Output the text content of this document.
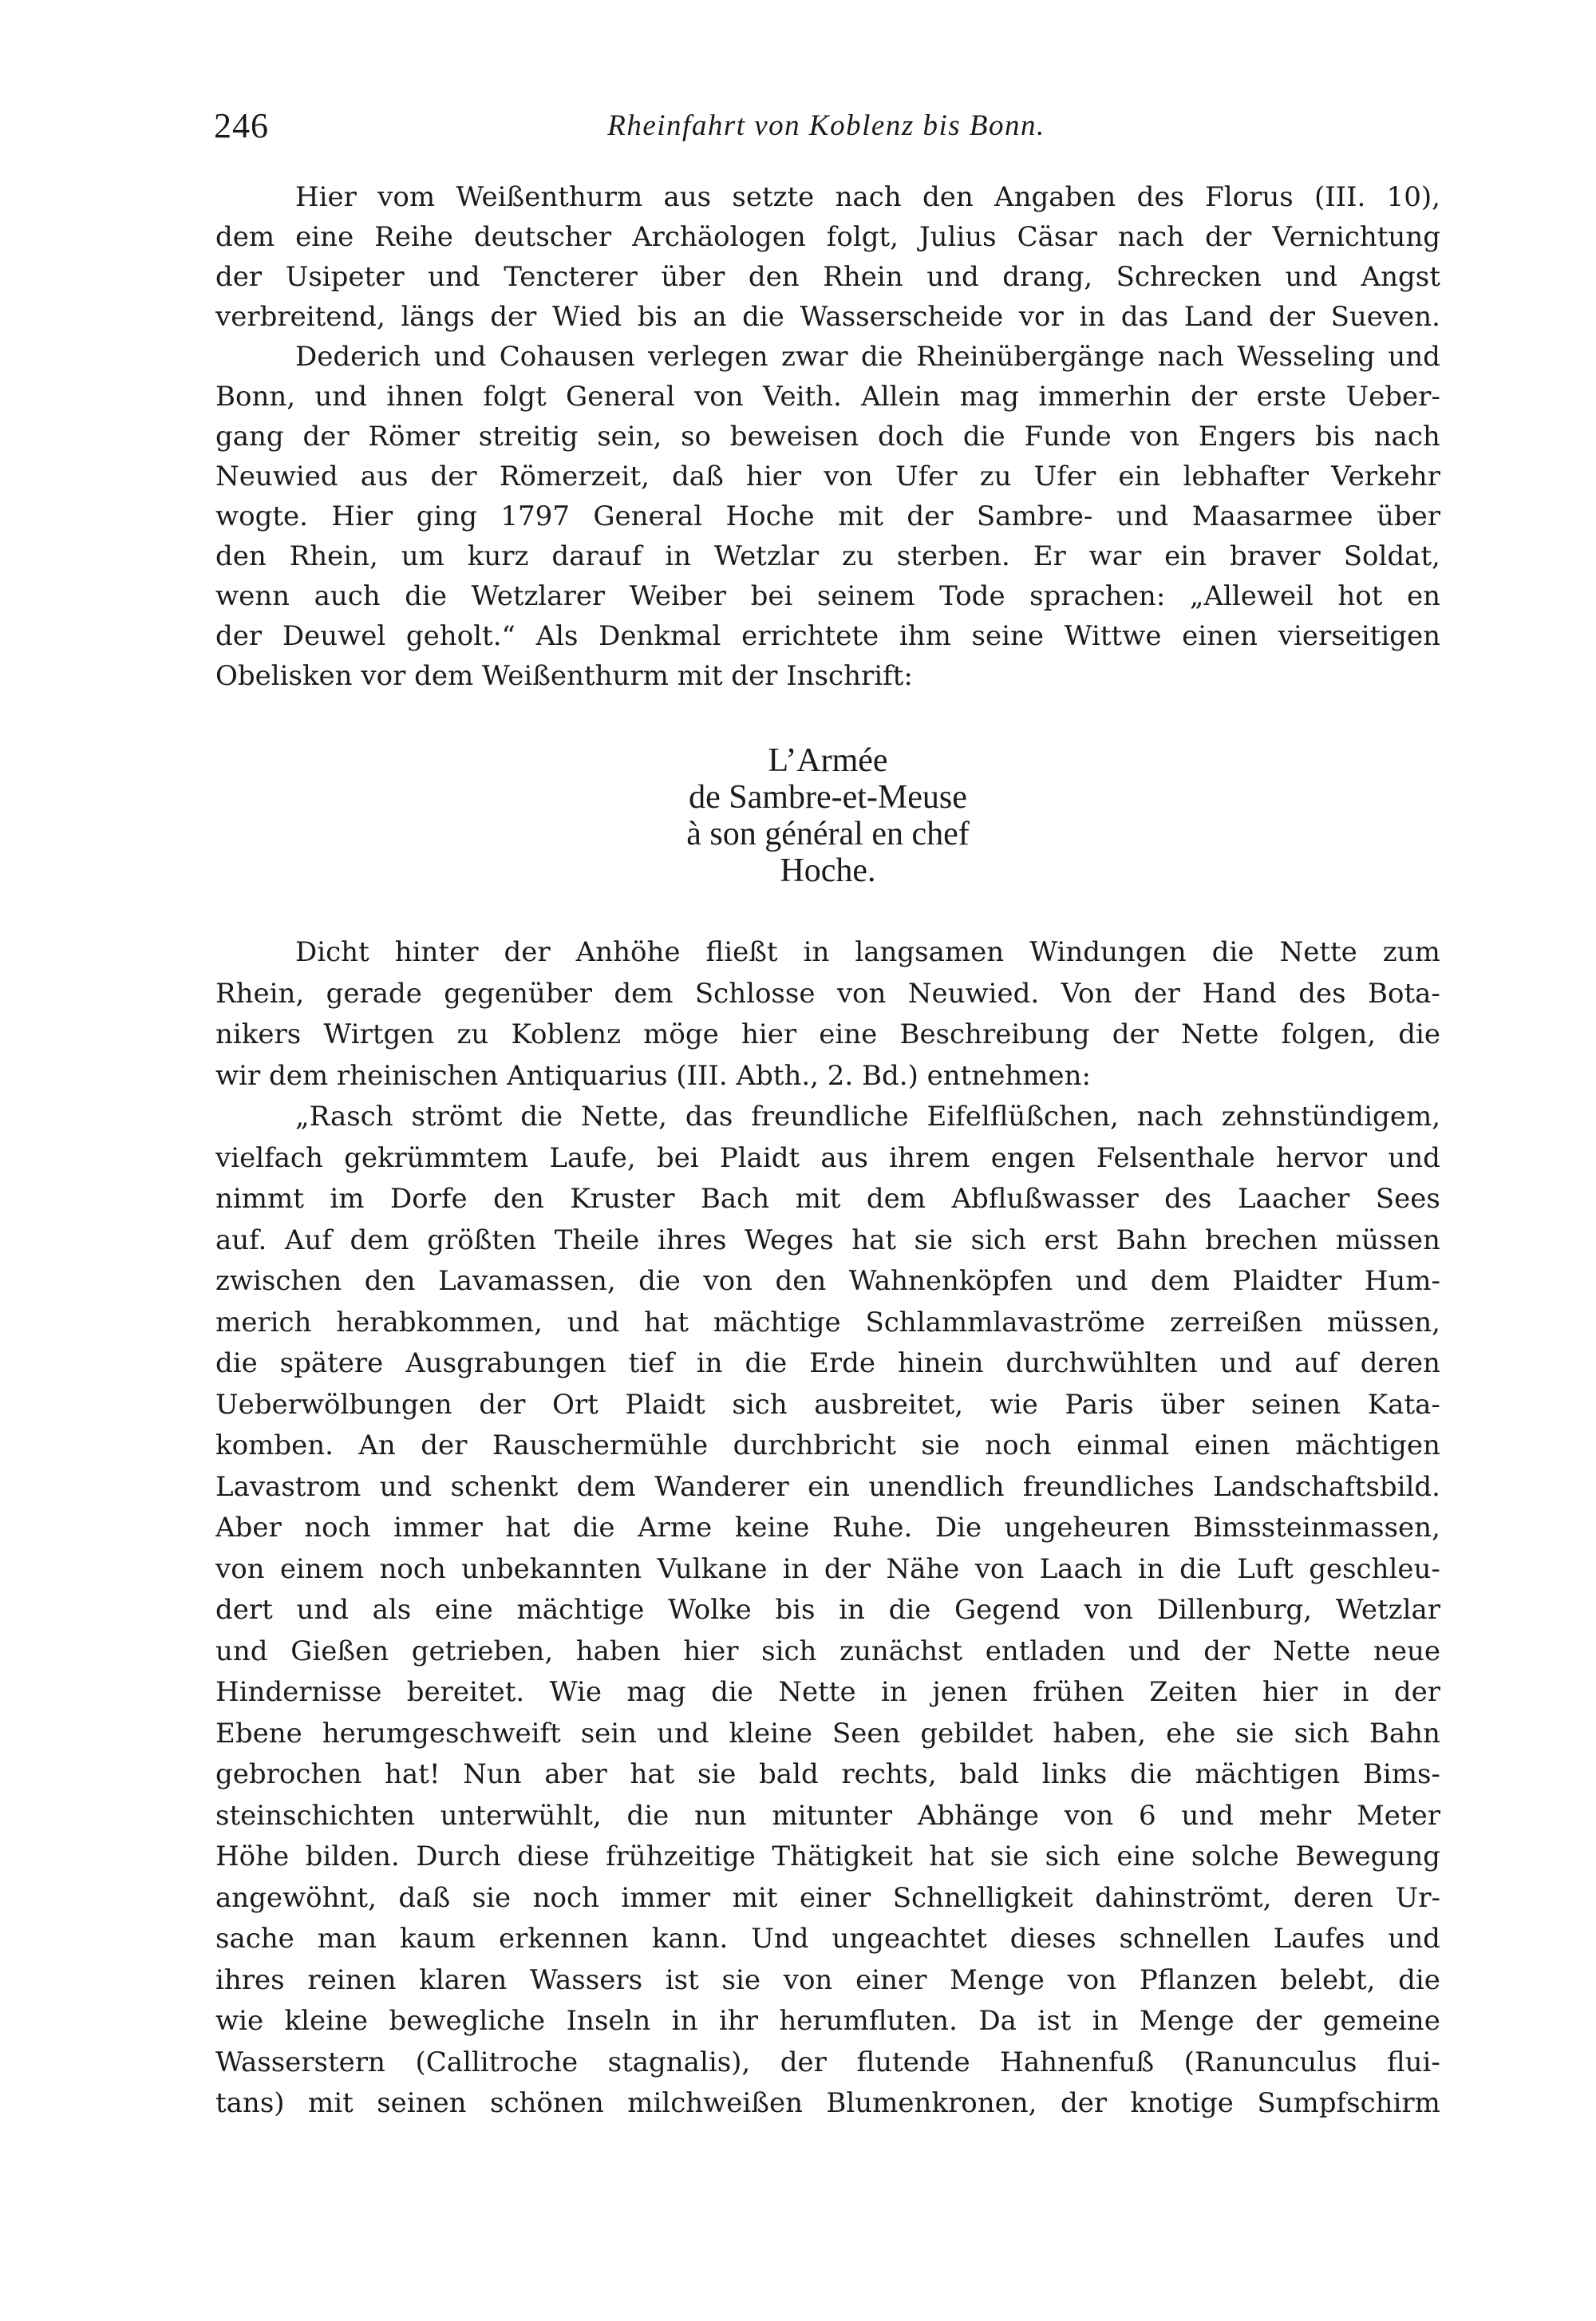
246	Rheinfahrt von Koblenz bis Bonn.
Hier vom Weißenthurm aus setzte nach den Angaben des Florus (III. 10),
dem eine Reihe deutscher Archäologen folgt, Julius Cäsar nach der Vernichtung
der Usipeter und Tencterer über den Rhein und drang, Schrecken und Angst
verbreitend, längs der Wied bis an die Wasserscheide vor in das Land der Sueven.
Dederich und Cohausen verlegen zwar die Rheinübergänge nach Wesseling und
Bonn, und ihnen folgt General von Veith. Allein mag immerhin der erste Ueber-
gang der Römer streitig sein, so beweisen doch die Funde von Engers bis nach
Neuwied aus der Römerzeit, daß hier von Ufer zu Ufer ein lebhafter Verkehr
wogte. Hier ging 1797 General Hoche mit der Sambre- und Maasarmee über
den Rhein, um kurz darauf in Wetzlar zu sterben. Er war ein braver Soldat,
wenn auch die Wetzlarer Weiber bei seinem Tode sprachen: „Alleweil hot en
der Deuwel geholt.“ Als Denkmal errichtete ihm seine Wittwe einen vierseitigen
Obelisken vor dem Weißenthurm mit der Inschrift:
L’Armée
de Sambre-et-Meuse
à son général en chef
Hoche.
Dicht hinter der Anhöhe fließt in langsamen Windungen die Nette zum
Rhein, gerade gegenüber dem Schlosse von Neuwied. Von der Hand des Bota-
nikers Wirtgen zu Koblenz möge hier eine Beschreibung der Nette folgen, die
wir dem rheinischen Antiquarius (III. Abth., 2. Bd.) entnehmen:
„Rasch strömt die Nette, das freundliche Eifelflüßchen, nach zehnstündigem,
vielfach gekrümmtem Laufe, bei Plaidt aus ihrem engen Felsenthale hervor und
nimmt im Dorfe den Kruster Bach mit dem Abflußwasser des Laacher Sees
auf. Auf dem größten Theile ihres Weges hat sie sich erst Bahn brechen müssen
zwischen den Lavamassen, die von den Wahnenköpfen und dem Plaidter Hum-
merich herabkommen, und hat mächtige Schlammlavaströme zerreißen müssen,
die spätere Ausgrabungen tief in die Erde hinein durchwühlten und auf deren
Ueberwölbungen der Ort Plaidt sich ausbreitet, wie Paris über seinen Kata-
komben. An der Rauschermühle durchbricht sie noch einmal einen mächtigen
Lavastrom und schenkt dem Wanderer ein unendlich freundliches Landschaftsbild.
Aber noch immer hat die Arme keine Ruhe. Die ungeheuren Bimssteinmassen,
von einem noch unbekannten Vulkane in der Nähe von Laach in die Luft geschleu-
dert und als eine mächtige Wolke bis in die Gegend von Dillenburg, Wetzlar
und Gießen getrieben, haben hier sich zunächst entladen und der Nette neue
Hindernisse bereitet. Wie mag die Nette in jenen frühen Zeiten hier in der
Ebene herumgeschweift sein und kleine Seen gebildet haben, ehe sie sich Bahn
gebrochen hat! Nun aber hat sie bald rechts, bald links die mächtigen Bims-
steinschichten unterwühlt, die nun mitunter Abhänge von 6 und mehr Meter
Höhe bilden. Durch diese frühzeitige Thätigkeit hat sie sich eine solche Bewegung
angewöhnt, daß sie noch immer mit einer Schnelligkeit dahinströmt, deren Ur-
sache man kaum erkennen kann. Und ungeachtet dieses schnellen Laufes und
ihres reinen klaren Wassers ist sie von einer Menge von Pflanzen belebt, die
wie kleine bewegliche Inseln in ihr herumfluten. Da ist in Menge der gemeine
Wasserstern (Callitroche stagnalis), der flutende Hahnenfuß (Ranunculus flui-
tans) mit seinen schönen milchweißen Blumenkronen, der knotige Sumpfschirm
